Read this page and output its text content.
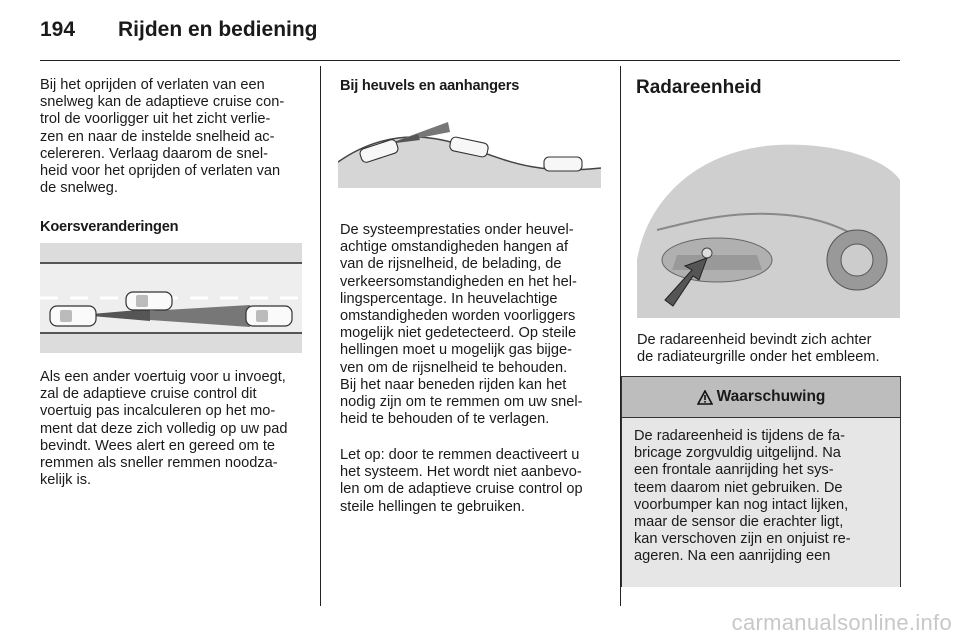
194 Rijden en bediening

Bij het oprijden of verlaten van een
snelweg kan de adaptieve cruise con-
trol de voorligger uit het zicht verlie-
zen en naar de instelde snelheid ac-
celereren. Verlaag daarom de snel-
heid voor het oprijden of verlaten van
de snelweg.

Koersveranderingen
Als een ander voertuig voor u invoegt,
zal de adaptieve cruise control dit
voertuig pas incalculeren op het mo-
ment dat deze zich volledig op uw pad
bevindt. Wees alert en gereed om te
remmen als sneller remmen noodza-
kelijk is.
Bij heuvels en aanhangers
De systeemprestaties onder heuvel-
achtige omstandigheden hangen af
van de rijsnelheid, de belading, de
verkeersomstandigheden en het hel-
lingspercentage. In heuvelachtige
omstandigheden worden voorliggers
mogelijk niet gedetecteerd. Op steile
hellingen moet u mogelijk gas bijge-
ven om de rijsnelheid te behouden.
Bij het naar beneden rijden kan het
nodig zijn om te remmen om uw snel-
heid te behouden of te verlagen.
Let op: door te remmen deactiveert u
het systeem. Het wordt niet aanbevo-
len om de adaptieve cruise control op
steile hellingen te gebruiken.
Radareenheid
De radareenheid bevindt zich achter
de radiateurgrille onder het embleem.
Waarschuwing
De radareenheid is tijdens de fa-
bricage zorgvuldig uitgelijnd. Na
een frontale aanrijding het sys-
teem daarom niet gebruiken. De
voorbumper kan nog intact lijken,
maar de sensor die erachter ligt,
kan verschoven zijn en onjuist re-
ageren. Na een aanrijding een
carmanualsonline.info
